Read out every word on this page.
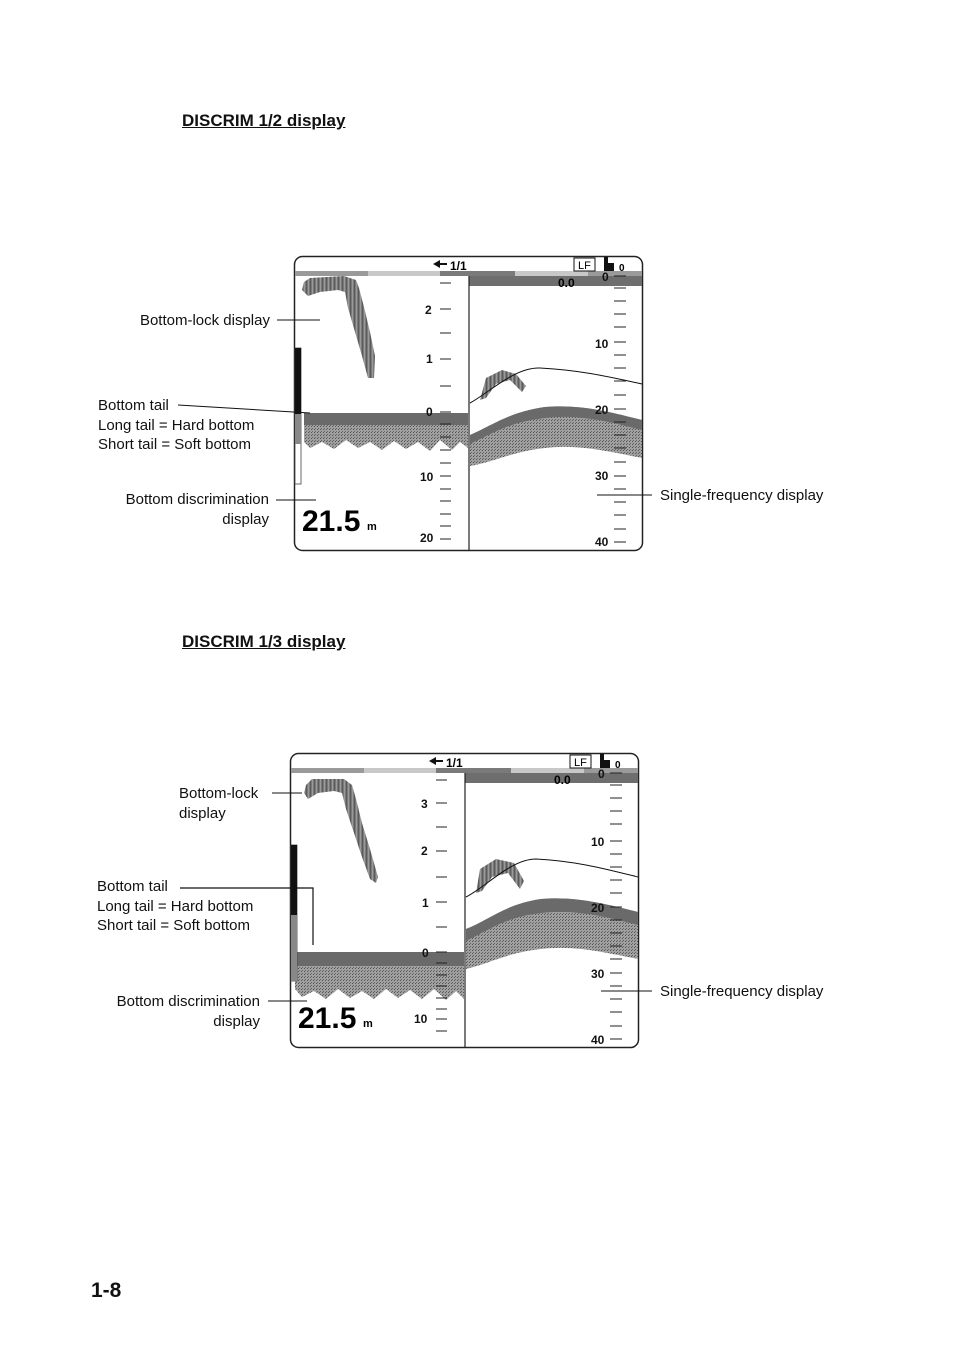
DISCRIM 1/2 display
1/1	LF	0
0.0
2
1
0
10
20
21.5 m
0
10
20
30
40
Bottom-lock display
Bottom tail
Long tail = Hard bottom
Short tail = Soft bottom
Bottom discrimination
display
Single-frequency display
DISCRIM 1/3 display
1/1	LF	0
0.0
3
2
1
0
10
21.5 m
0
10
20
30
40
Bottom-lock
display
Bottom tail
Long tail = Hard bottom
Short tail = Soft bottom
Bottom discrimination
display
Single-frequency display
1-8
